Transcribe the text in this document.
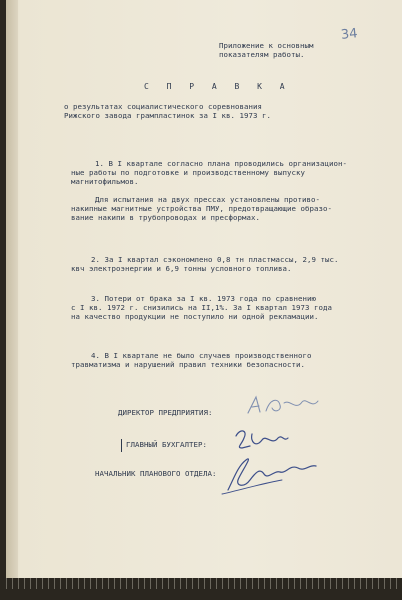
34
Приложение к основным
показателям работы.
С П Р А В К А
о результатах социалистического соревнования
Рижского завода грампластинок за I кв. 1973 г.
1. В I квартале согласно плана проводились организацион-
ные работы по подготовке и производственному выпуску
магнитофильмов.
Для испытания на двух прессах установлены противо-
накипные магнитные устройства ПМУ, предотвращающие образо-
вание накипи в трубопроводах и пресформах.
2. За I квартал сэкономлено 0,8 тн пластмассы, 2,9 тыс.
квч электроэнергии и 6,9 тонны условного топлива.
3. Потери от брака за I кв. 1973 года по сравнению
с I кв. 1972 г. снизились на II,1%. За I квартал 1973 года
на качество продукции не поступило ни одной рекламации.
4. В I квартале не было случаев производственного
травматизма и нарушений правил техники безопасности.
ДИРЕКТОР ПРЕДПРИЯТИЯ:
ГЛАВНЫЙ БУХГАЛТЕР:
НАЧАЛЬНИК ПЛАНОВОГО ОТДЕЛА:
